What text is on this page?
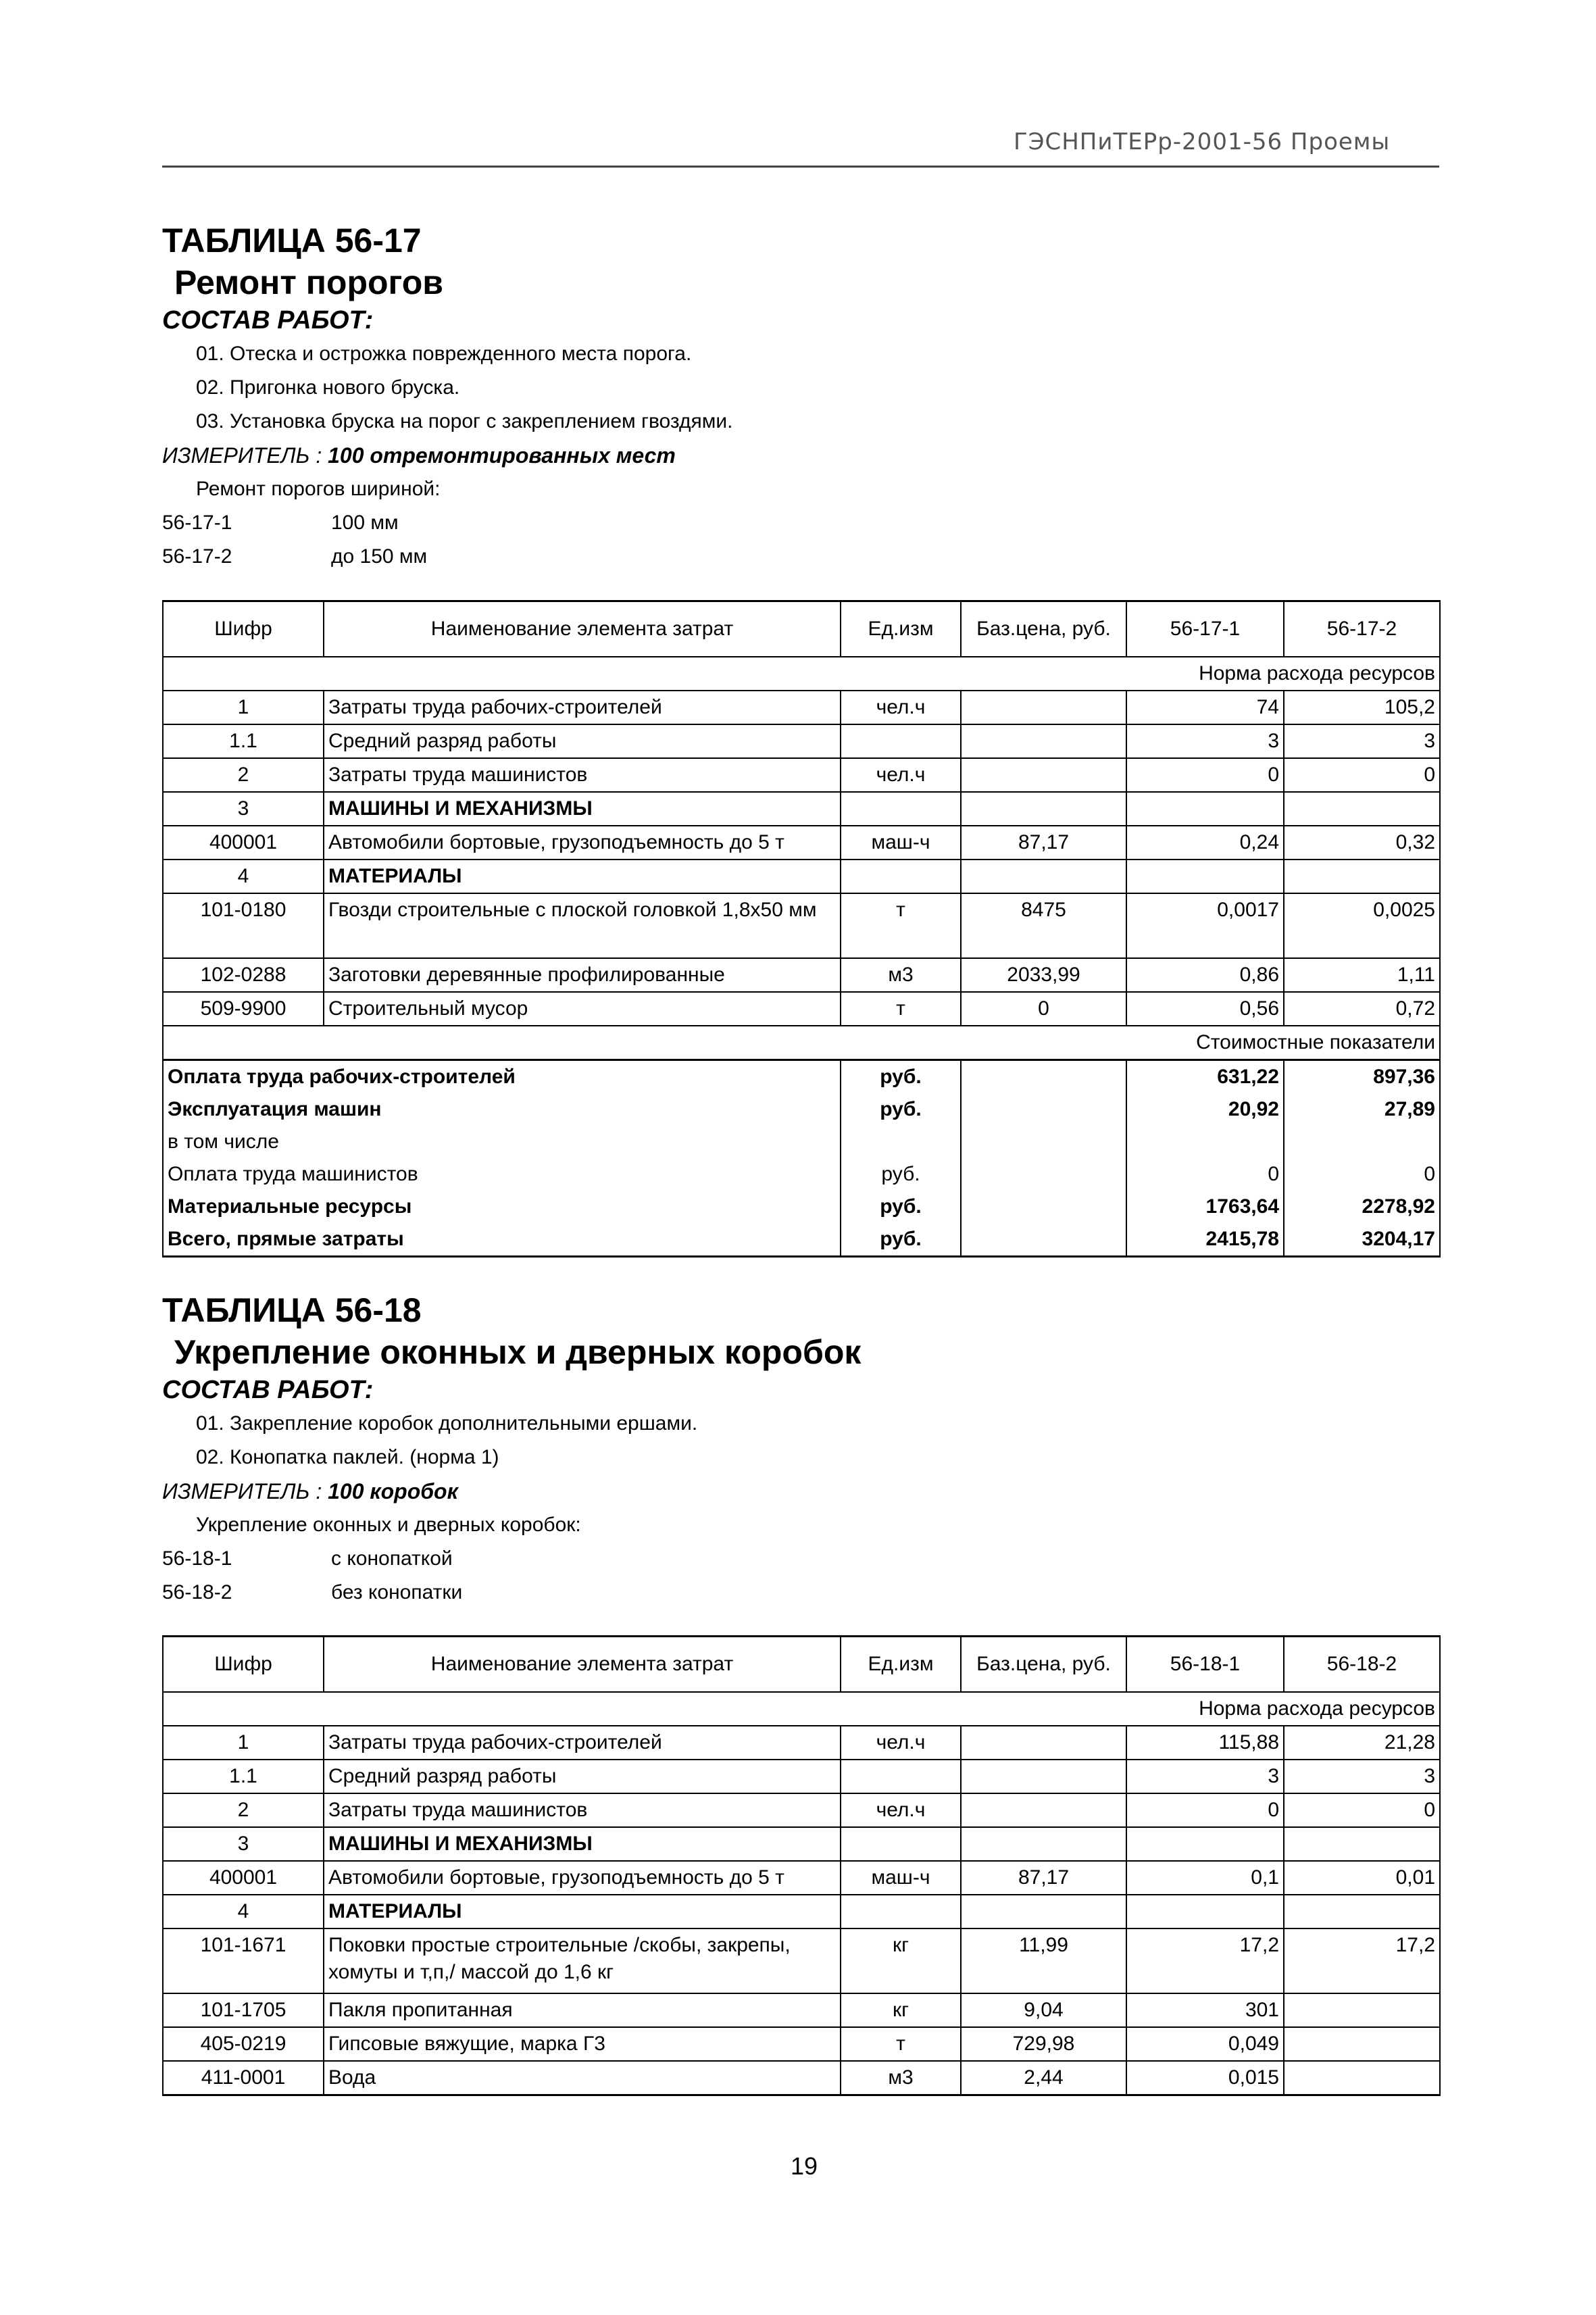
ГЭСНПиТЕРр-2001-56 Проемы
ТАБЛИЦА 56-17
Ремонт порогов
СОСТАВ РАБОТ:
01. Отеска и острожка поврежденного места порога.
02. Пригонка нового бруска.
03. Установка бруска на порог с закреплением гвоздями.
ИЗМЕРИТЕЛЬ : 100 отремонтированных мест
Ремонт порогов шириной:
56-17-1	100 мм
56-17-2	до 150 мм
Шифр	Наименование элемента затрат	Ед.изм	Баз.цена, руб.	56-17-1	56-17-2
Норма расхода ресурсов					
1	Затраты труда рабочих-строителей	чел.ч		74	105,2
1.1	Средний разряд работы			3	3
2	Затраты труда машинистов	чел.ч		0	0
3	МАШИНЫ И МЕХАНИЗМЫ				
400001	Автомобили бортовые, грузоподъемность до 5 т	маш-ч	87,17	0,24	0,32
4	МАТЕРИАЛЫ				
101-0180	Гвозди строительные с плоской головкой 1,8x50 мм	т	8475	0,0017	0,0025
102-0288	Заготовки деревянные профилированные	м3	2033,99	0,86	1,11
509-9900	Строительный мусор	т	0	0,56	0,72
Стоимостные показатели					
Оплата труда рабочих-строителей		руб.		631,22	897,36
Эксплуатация машин		руб.		20,92	27,89
в том числе					
Оплата труда машинистов		руб.		0	0
Материальные ресурсы		руб.		1763,64	2278,92
Всего, прямые затраты		руб.		2415,78	3204,17
ТАБЛИЦА 56-18
Укрепление оконных и дверных коробок
СОСТАВ РАБОТ:
01. Закрепление коробок дополнительными ершами.
02. Конопатка паклей. (норма 1)
ИЗМЕРИТЕЛЬ : 100 коробок
Укрепление оконных и дверных коробок:
56-18-1	с конопаткой
56-18-2	без конопатки
Шифр	Наименование элемента затрат	Ед.изм	Баз.цена, руб.	56-18-1	56-18-2
Норма расхода ресурсов					
1	Затраты труда рабочих-строителей	чел.ч		115,88	21,28
1.1	Средний разряд работы			3	3
2	Затраты труда машинистов	чел.ч		0	0
3	МАШИНЫ И МЕХАНИЗМЫ				
400001	Автомобили бортовые, грузоподъемность до 5 т	маш-ч	87,17	0,1	0,01
4	МАТЕРИАЛЫ				
101-1671	Поковки простые строительные /скобы, закрепы, хомуты и т,п,/ массой до 1,6 кг	кг	11,99	17,2	17,2
101-1705	Пакля пропитанная	кг	9,04	301	
405-0219	Гипсовые вяжущие, марка Г3	т	729,98	0,049	
411-0001	Вода	м3	2,44	0,015	
19
